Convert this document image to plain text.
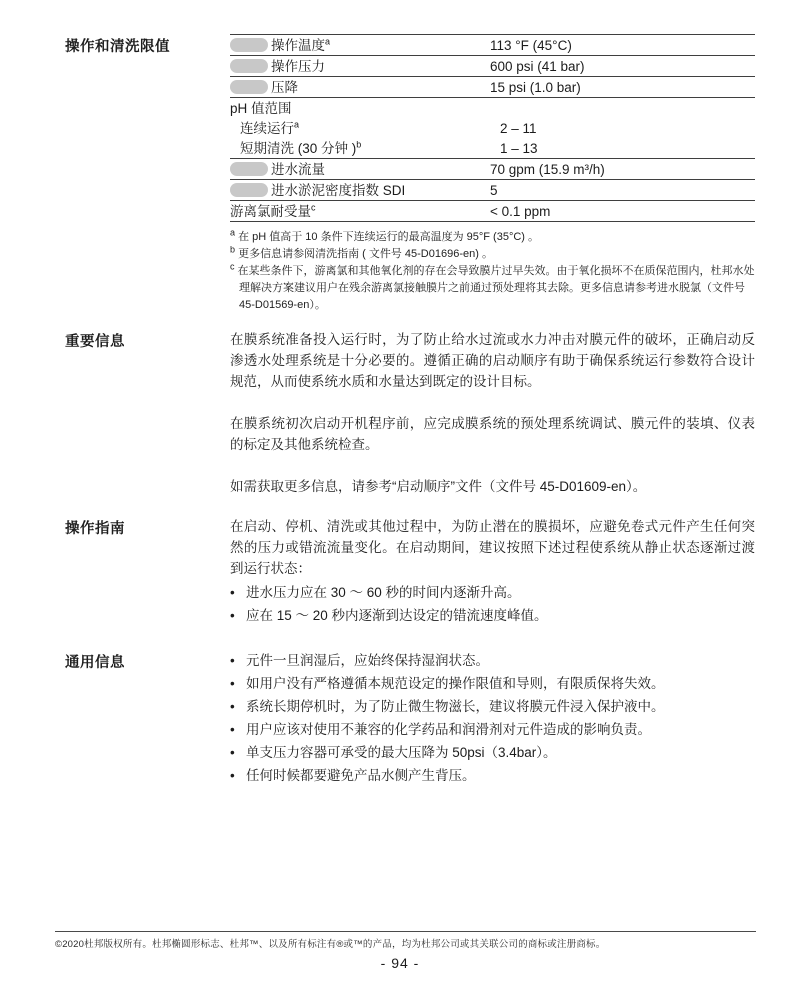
操作和清洗限值	操作温度$^a$	113 °F (45°C)
操作压力	600 psi (41 bar)
压降	15 psi (1.0 bar)
pH 值范围
连续运行$^a$	2 – 11
短期清洗 (30 分钟 )$^b$	1 – 13
进水流量	70 gpm (15.9 m³/h)
进水淤泥密度指数 SDI	5
游离氯耐受量$^c$	< 0.1 ppm
$^a$ 在 pH 值高于 10 条件下连续运行的最高温度为 95°F (35°C) 。
$^b$ 更多信息请参阅清洗指南 ( 文件号 45-D01696-en) 。
$^c$ 在某些条件下，游离氯和其他氧化剂的存在会导致膜片过早失效。由于氧化损坏不在质保范围内，杜邦水处理解决方案建议用户在残余游离氯接触膜片之前通过预处理将其去除。更多信息请参考进水脱氯（文件号 45-D01569-en）。
重要信息	在膜系统准备投入运行时，为了防止给水过流或水力冲击对膜元件的破坏，正确启动反渗透水处理系统是十分必要的。遵循正确的启动顺序有助于确保系统运行参数符合设计规范，从而使系统水质和水量达到既定的设计目标。

在膜系统初次启动开机程序前，应完成膜系统的预处理系统调试、膜元件的装填、仪表的标定及其他系统检查。

如需获取更多信息，请参考“启动顺序”文件（文件号 45-D01609-en）。

操作指南	在启动、停机、清洗或其他过程中，为防止潜在的膜损坏，应避免卷式元件产生任何突然的压力或错流流量变化。在启动期间，建议按照下述过程使系统从静止状态逐渐过渡到运行状态：

• 进水压力应在 30 ～ 60 秒的时间内逐渐升高。
• 应在 15 ～ 20 秒内逐渐到达设定的错流速度峰值。
通用信息	• 元件一旦润湿后，应始终保持湿润状态。
• 如用户没有严格遵循本规范设定的操作限值和导则，有限质保将失效。
• 系统长期停机时，为了防止微生物滋长，建议将膜元件浸入保护液中。
• 用户应该对使用不兼容的化学药品和润滑剂对元件造成的影响负责。
• 单支压力容器可承受的最大压降为 50psi（3.4bar）。
• 任何时候都要避免产品水侧产生背压。
©2020杜邦版权所有。杜邦椭圆形标志、杜邦™、以及所有标注有®或™的产品，均为杜邦公司或其关联公司的商标或注册商标。
- 94 -
